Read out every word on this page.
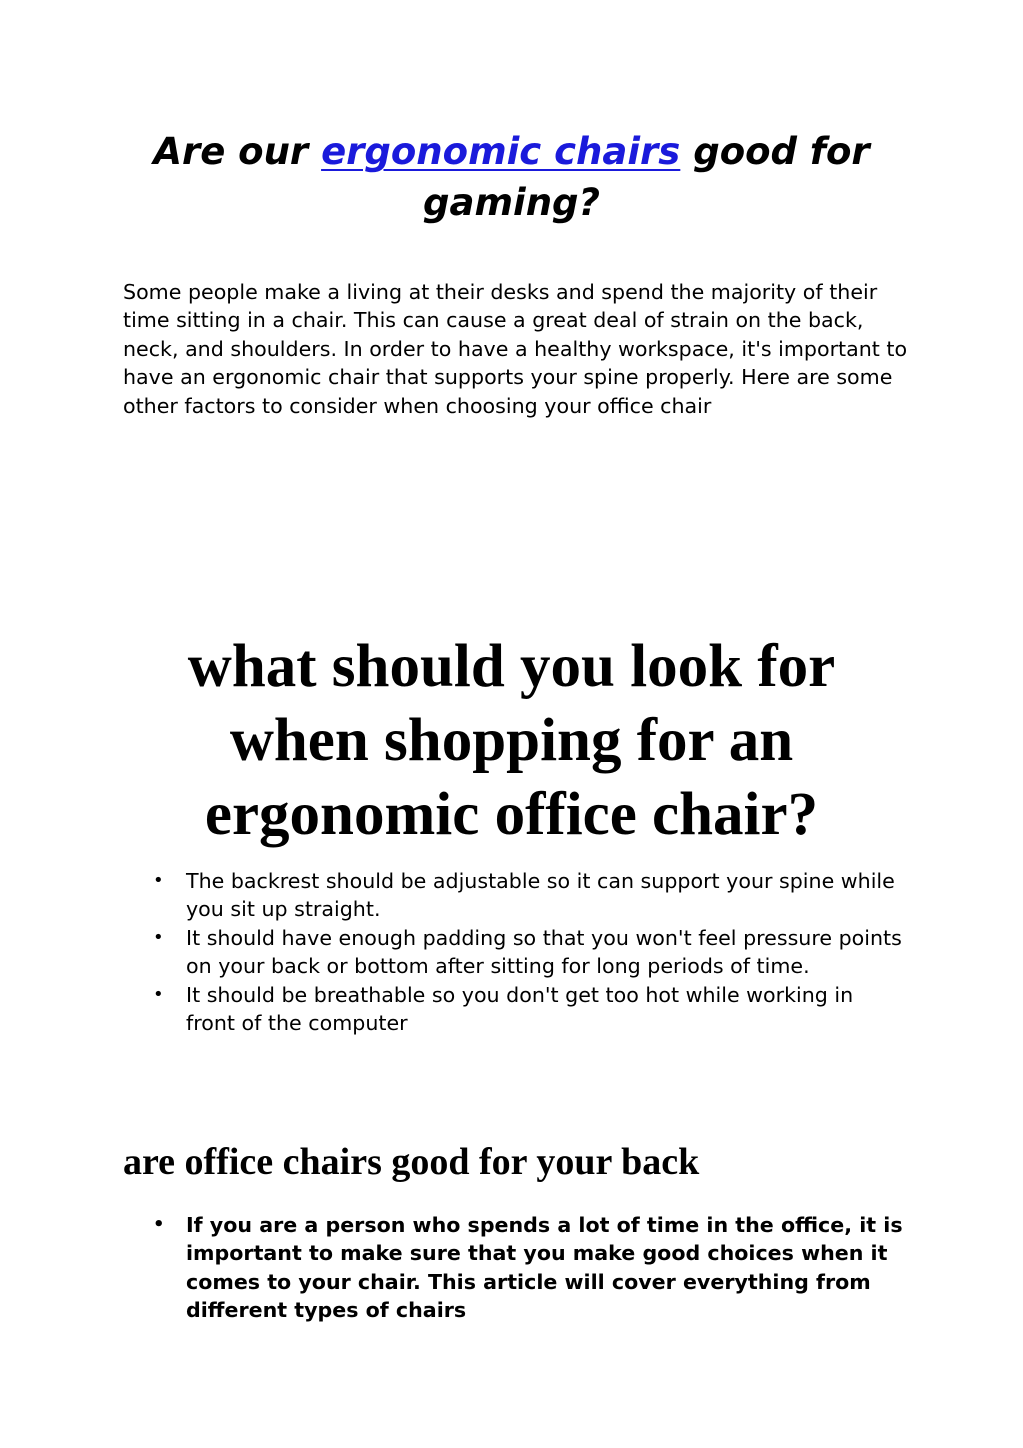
Are our ergonomic chairs good for gaming?

Some people make a living at their desks and spend the majority of their time sitting in a chair. This can cause a great deal of strain on the back, neck, and shoulders. In order to have a healthy workspace, it's important to have an ergonomic chair that supports your spine properly. Here are some other factors to consider when choosing your office chair

what should you look for when shopping for an ergonomic office chair?
• The backrest should be adjustable so it can support your spine while you sit up straight.
• It should have enough padding so that you won't feel pressure points on your back or bottom after sitting for long periods of time.
• It should be breathable so you don't get too hot while working in front of the computer
are office chairs good for your back
• If you are a person who spends a lot of time in the office, it is important to make sure that you make good choices when it comes to your chair. This article will cover everything from different types of chairs
